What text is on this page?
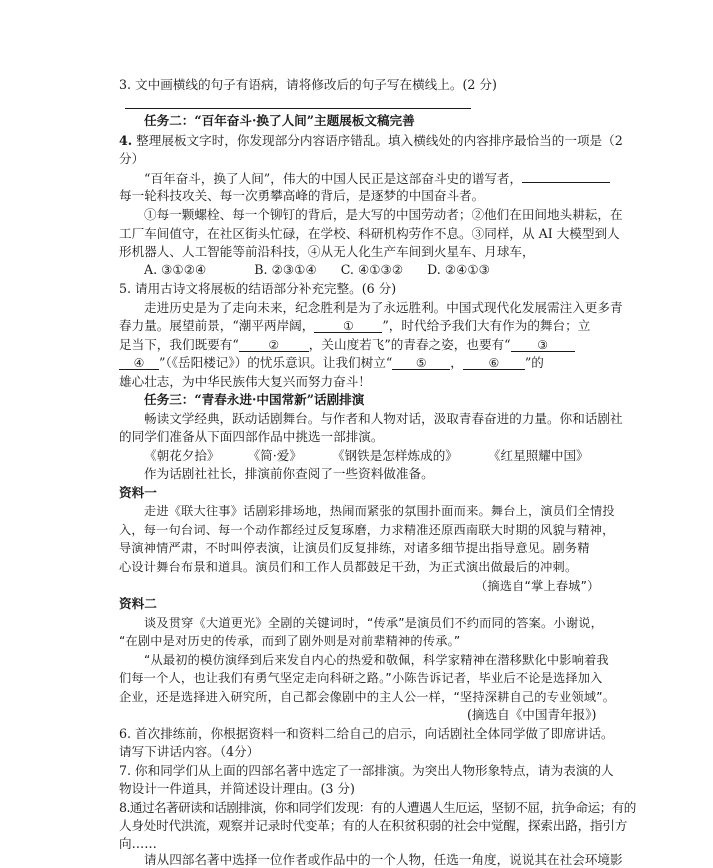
3. 文中画横线的句子有语病，请将修改后的句子写在横线上。(2 分)
任务二：“百年奋斗·换了人间”主题展板文稿完善
4. 整理展板文字时，你发现部分内容语序错乱。填入横线处的内容排序最恰当的一项是（2
分）
“百年奋斗，换了人间”，伟大的中国人民正是这部奋斗史的谱写者，
每一轮科技攻关、每一次勇攀高峰的背后，是逐梦的中国奋斗者。
①每一颗螺栓、每一个铆钉的背后，是大写的中国劳动者；②他们在田间地头耕耘，在
工厂车间值守，在社区街头忙碌，在学校、科研机构劳作不息。③同样，从 AI 大模型到人
形机器人、人工智能等前沿科技，④从无人化生产车间到火星车、月球车，
A. ③①②④	B. ②③①④ C. ④①③② D. ②④①③
5. 请用古诗文将展板的结语部分补充完整。(6 分)
走进历史是为了走向未来，纪念胜利是为了永远胜利。中国式现代化发展需注入更多青
春力量。展望前景，“潮平两岸阔， ① ”，时代给予我们大有作为的舞台；立
足当下，我们既要有“ ② ，关山度若飞”的青春之姿，也要有“ ③
④ ”（《岳阳楼记》）的忧乐意识。让我们树立“ ⑤ ， ⑥ ”的
雄心壮志，为中华民族伟大复兴而努力奋斗！
任务三：“青春永进·中国常新”话剧排演
畅读文学经典，跃动话剧舞台。与作者和人物对话，汲取青春奋进的力量。你和话剧社
的同学们准备从下面四部作品中挑选一部排演。
《朝花夕拾》 《简·爱》 《钢铁是怎样炼成的》 《红星照耀中国》
作为话剧社社长，排演前你查阅了一些资料做准备。
资料一
走进《联大往事》话剧彩排场地，热闹而紧张的氛围扑面而来。舞台上，演员们全情投
入，每一句台词、每一个动作都经过反复琢磨，力求精准还原西南联大时期的风貌与精神，
导演神情严肃，不时叫停表演，让演员们反复排练，对诸多细节提出指导意见。剧务精
心设计舞台布景和道具。演员们和工作人员都鼓足干劲，为正式演出做最后的冲刺。
（摘选自“掌上春城”）
资料二
谈及贯穿《大道更光》全剧的关键词时，“传承”是演员们不约而同的答案。小谢说，
“在剧中是对历史的传承，而到了剧外则是对前辈精神的传承。”
“从最初的模仿演绎到后来发自内心的热爱和敬佩，科学家精神在潜移默化中影响着我
们每一个人，也让我们有勇气坚定走向科研之路。”小陈告诉记者，毕业后不论是选择加入
企业，还是选择进入研究所，自己都会像剧中的主人公一样，“坚持深耕自己的专业领域”。
(摘选自《中国青年报》)
6. 首次排练前，你根据资料一和资料二给自己的启示，向话剧社全体同学做了即席讲话。
请写下讲话内容。（4分）
7. 你和同学们从上面的四部名著中选定了一部排演。为突出人物形象特点，请为表演的人
物设计一件道具，并简述设计理由。(3 分)
8.通过名著研读和话剧排演，你和同学们发现：有的人遭遇人生厄运，坚韧不屈，抗争命运；有的
人身处时代洪流，观察并记录时代变革；有的人在积贫积弱的社会中觉醒，探索出路，指引方
向……
请从四部名著中选择一位作者或作品中的一个人物，任选一角度，说说其在社会环境影
